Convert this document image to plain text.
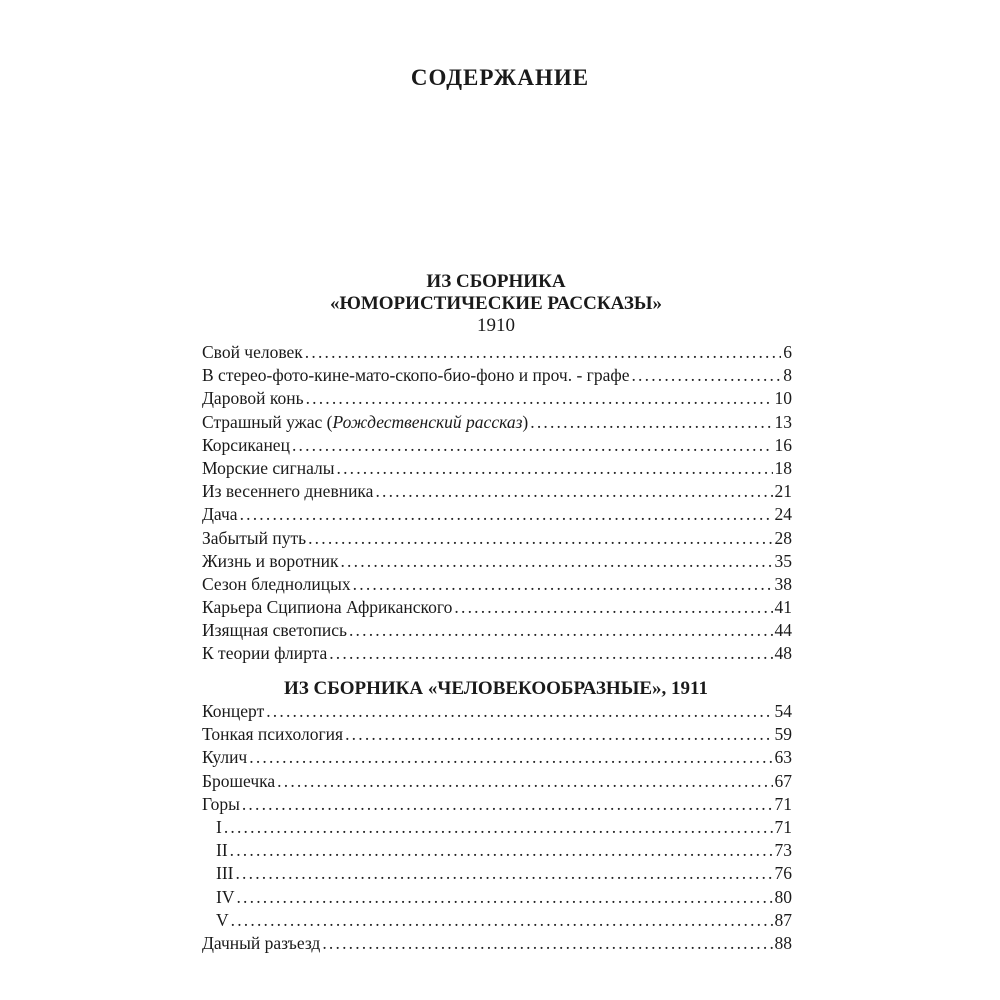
СОДЕРЖАНИЕ
ИЗ СБОРНИКА
«ЮМОРИСТИЧЕСКИЕ РАССКАЗЫ»
1910
Свой человек .....	6
В стерео-фото-кине-мато-скопо-био-фоно и проч. - графе .....	8
Даровой конь .....	10
Страшный ужас (Рождественский рассказ) .....	13
Корсиканец .....	16
Морские сигналы .....	18
Из весеннего дневника .....	21
Дача .....	24
Забытый путь .....	28
Жизнь и воротник .....	35
Сезон бледнолицых .....	38
Карьера Сципиона Африканского .....	41
Изящная светопись .....	44
К теории флирта .....	48
ИЗ СБОРНИКА «ЧЕЛОВЕКООБРАЗНЫЕ», 1911
Концерт .....	54
Тонкая психология .....	59
Кулич .....	63
Брошечка .....	67
Горы .....	71
I .....	71
II .....	73
III .....	76
IV .....	80
V .....	87
Дачный разъезд .....	88
